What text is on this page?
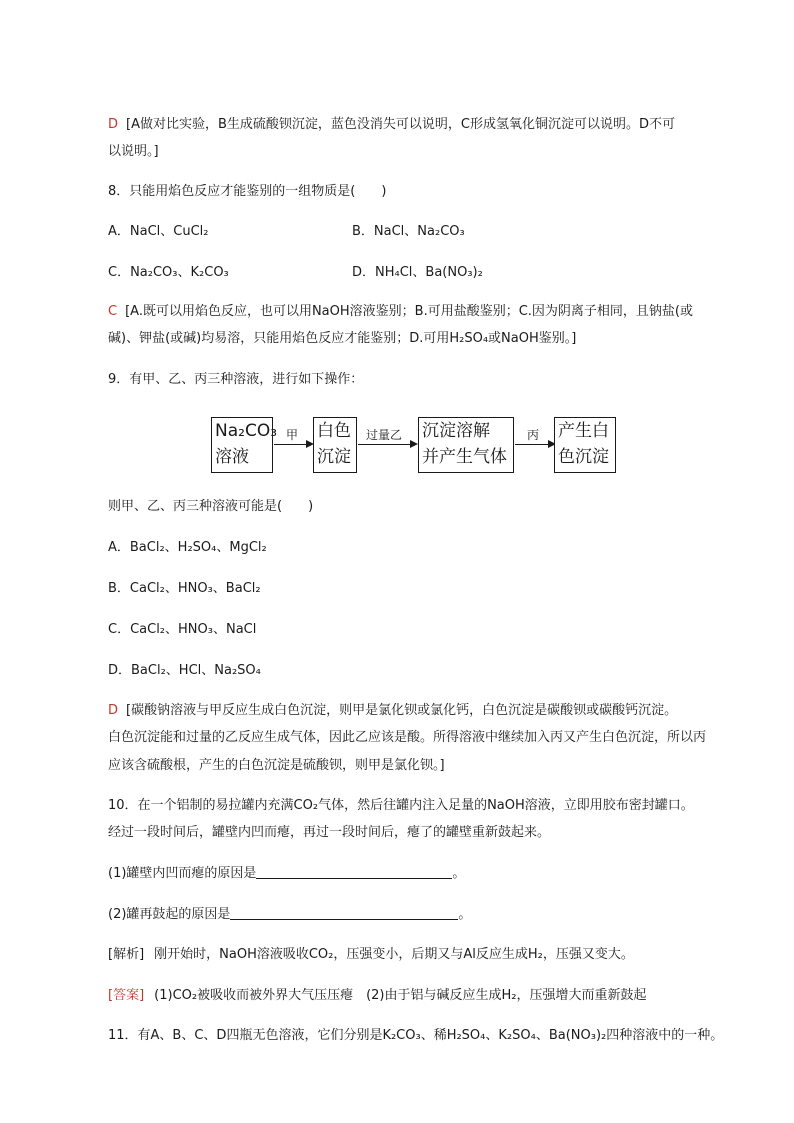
D [A做对比实验，B生成硫酸钡沉淀，蓝色没消失可以说明，C形成氢氧化铜沉淀可以说明。D不可
以说明。]
8．只能用焰色反应才能鉴别的一组物质是(　　)
A．NaCl、CuCl₂	B．NaCl、Na₂CO₃
C．Na₂CO₃、K₂CO₃	D．NH₄Cl、Ba(NO₃)₂
C [A.既可以用焰色反应，也可以用NaOH溶液鉴别；B.可用盐酸鉴别；C.因为阴离子相同，且钠盐(或
碱)、钾盐(或碱)均易溶，只能用焰色反应才能鉴别；D.可用H₂SO₄或NaOH鉴别。]
9．有甲、乙、丙三种溶液，进行如下操作：
Na₂CO₃
溶液
甲 白色
沉淀
过量乙 沉淀溶解
并产生气体
丙 产生白
色沉淀
则甲、乙、丙三种溶液可能是(　　)
A．BaCl₂、H₂SO₄、MgCl₂
B．CaCl₂、HNO₃、BaCl₂
C．CaCl₂、HNO₃、NaCl
D．BaCl₂、HCl、Na₂SO₄
D [碳酸钠溶液与甲反应生成白色沉淀，则甲是氯化钡或氯化钙，白色沉淀是碳酸钡或碳酸钙沉淀。
白色沉淀能和过量的乙反应生成气体，因此乙应该是酸。所得溶液中继续加入丙又产生白色沉淀，所以丙
应该含硫酸根，产生的白色沉淀是硫酸钡，则甲是氯化钡。]
10．在一个铝制的易拉罐内充满CO₂气体，然后往罐内注入足量的NaOH溶液，立即用胶布密封罐口。
经过一段时间后，罐壁内凹而瘪，再过一段时间后，瘪了的罐壁重新鼓起来。
(1)罐壁内凹而瘪的原因是	。
(2)罐再鼓起的原因是	。
[解析] 刚开始时，NaOH溶液吸收CO₂，压强变小，后期又与Al反应生成H₂，压强又变大。
[答案] (1)CO₂被吸收而被外界大气压压瘪　(2)由于铝与碱反应生成H₂，压强增大而重新鼓起
11．有A、B、C、D四瓶无色溶液，它们分别是K₂CO₃、稀H₂SO₄、K₂SO₄、Ba(NO₃)₂四种溶液中的一种。
